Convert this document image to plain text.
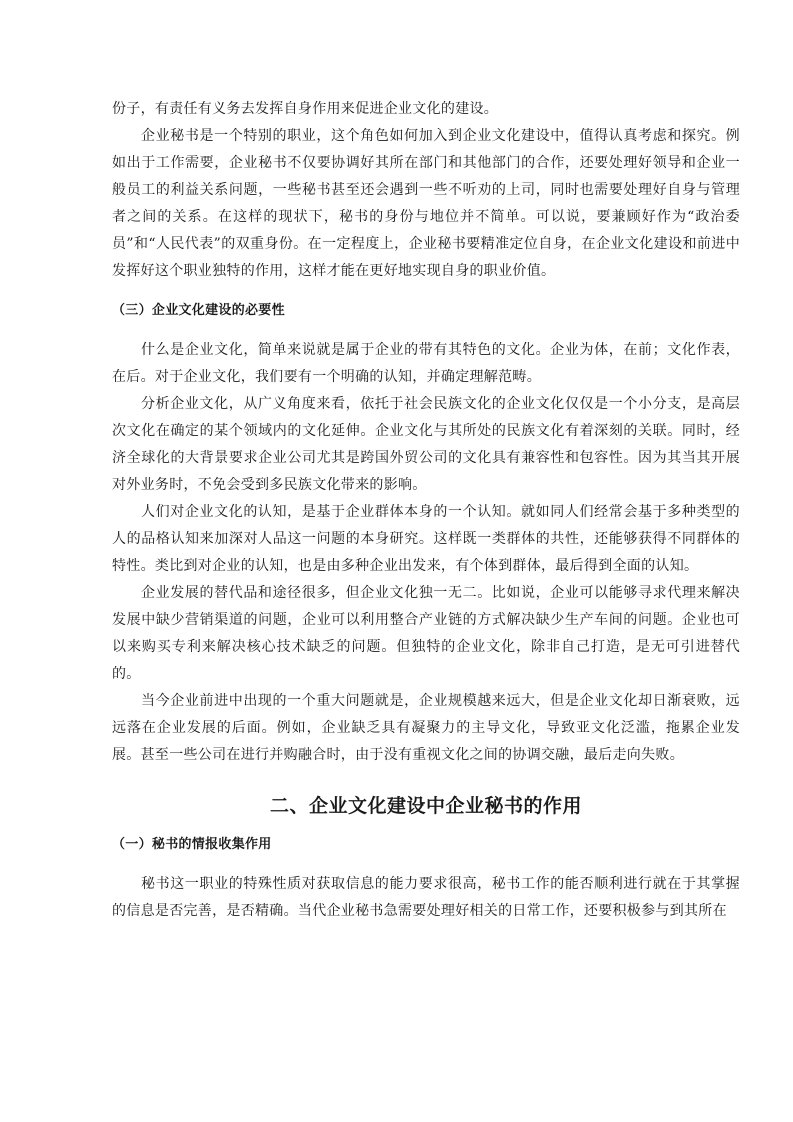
份子，有责任有义务去发挥自身作用来促进企业文化的建设。

企业秘书是一个特别的职业，这个角色如何加入到企业文化建设中，值得认真考虑和探究。例如出于工作需要，企业秘书不仅要协调好其所在部门和其他部门的合作，还要处理好领导和企业一般员工的利益关系问题，一些秘书甚至还会遇到一些不听劝的上司，同时也需要处理好自身与管理者之间的关系。在这样的现状下，秘书的身份与地位并不简单。可以说，要兼顾好作为“政治委员”和“人民代表”的双重身份。在一定程度上，企业秘书要精准定位自身，在企业文化建设和前进中发挥好这个职业独特的作用，这样才能在更好地实现自身的职业价值。

（三）企业文化建设的必要性

什么是企业文化，简单来说就是属于企业的带有其特色的文化。企业为体，在前；文化作表，在后。对于企业文化，我们要有一个明确的认知，并确定理解范畴。

分析企业文化，从广义角度来看，依托于社会民族文化的企业文化仅仅是一个小分支，是高层次文化在确定的某个领域内的文化延伸。企业文化与其所处的民族文化有着深刻的关联。同时，经济全球化的大背景要求企业公司尤其是跨国外贸公司的文化具有兼容性和包容性。因为其当其开展对外业务时，不免会受到多民族文化带来的影响。

人们对企业文化的认知，是基于企业群体本身的一个认知。就如同人们经常会基于多种类型的人的品格认知来加深对人品这一问题的本身研究。这样既一类群体的共性，还能够获得不同群体的特性。类比到对企业的认知，也是由多种企业出发来，有个体到群体，最后得到全面的认知。

企业发展的替代品和途径很多，但企业文化独一无二。比如说，企业可以能够寻求代理来解决发展中缺少营销渠道的问题，企业可以利用整合产业链的方式解决缺少生产车间的问题。企业也可以来购买专利来解决核心技术缺乏的问题。但独特的企业文化，除非自己打造，是无可引进替代的。

当今企业前进中出现的一个重大问题就是，企业规模越来远大，但是企业文化却日渐衰败，远远落在企业发展的后面。例如，企业缺乏具有凝聚力的主导文化，导致亚文化泛滥，拖累企业发展。甚至一些公司在进行并购融合时，由于没有重视文化之间的协调交融，最后走向失败。

二、企业文化建设中企业秘书的作用
（一）秘书的情报收集作用

秘书这一职业的特殊性质对获取信息的能力要求很高，秘书工作的能否顺利进行就在于其掌握的信息是否完善，是否精确。当代企业秘书急需要处理好相关的日常工作，还要积极参与到其所在
